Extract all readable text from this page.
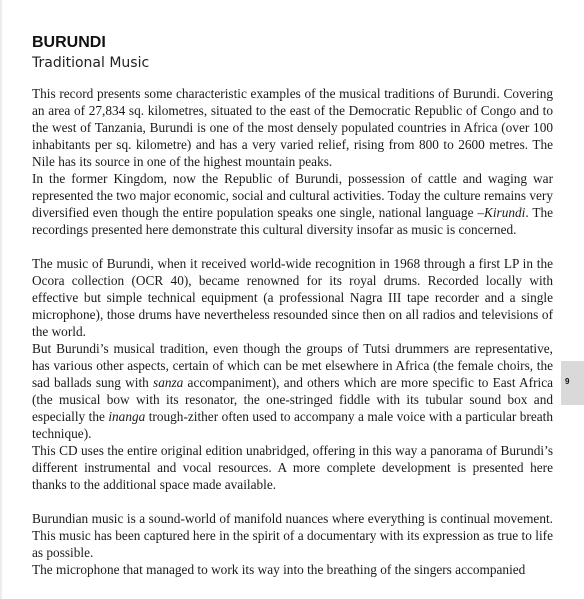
BURUNDI
Traditional Music

This record presents some characteristic examples of the musical traditions of Burundi. Covering an area of 27,834 sq. kilometres, situated to the east of the Democratic Republic of Congo and to the west of Tanzania, Burundi is one of the most densely populated countries in Africa (over 100 inhabitants per sq. kilometre) and has a very varied relief, rising from 800 to 2600 metres. The Nile has its source in one of the highest mountain peaks.

In the former Kingdom, now the Republic of Burundi, possession of cattle and waging war represented the two major economic, social and cultural activities. Today the culture remains very diversified even though the entire population speaks one single, national language –Kirundi. The recordings presented here demonstrate this cultural diversity insofar as music is concerned.

The music of Burundi, when it received world-wide recognition in 1968 through a first LP in the Ocora collection (OCR 40), became renowned for its royal drums. Recorded locally with effective but simple technical equipment (a professional Nagra III tape recorder and a single microphone), those drums have nevertheless resounded since then on all radios and televisions of the world.

But Burundi’s musical tradition, even though the groups of Tutsi drummers are representative, has various other aspects, certain of which can be met elsewhere in Africa (the female choirs, the sad ballads sung with sanza accompaniment), and others which are more specific to East Africa (the musical bow with its resonator, the one-stringed fiddle with its tubular sound box and especially the inanga trough-zither often used to accompany a male voice with a particular breath technique).

This CD uses the entire original edition unabridged, offering in this way a panorama of Burundi’s different instrumental and vocal resources. A more complete development is presented here thanks to the additional space made available.

Burundian music is a sound-world of manifold nuances where everything is continual movement. This music has been captured here in the spirit of a documentary with its expression as true to life as possible.

The microphone that managed to work its way into the breathing of the singers accompanied

9
